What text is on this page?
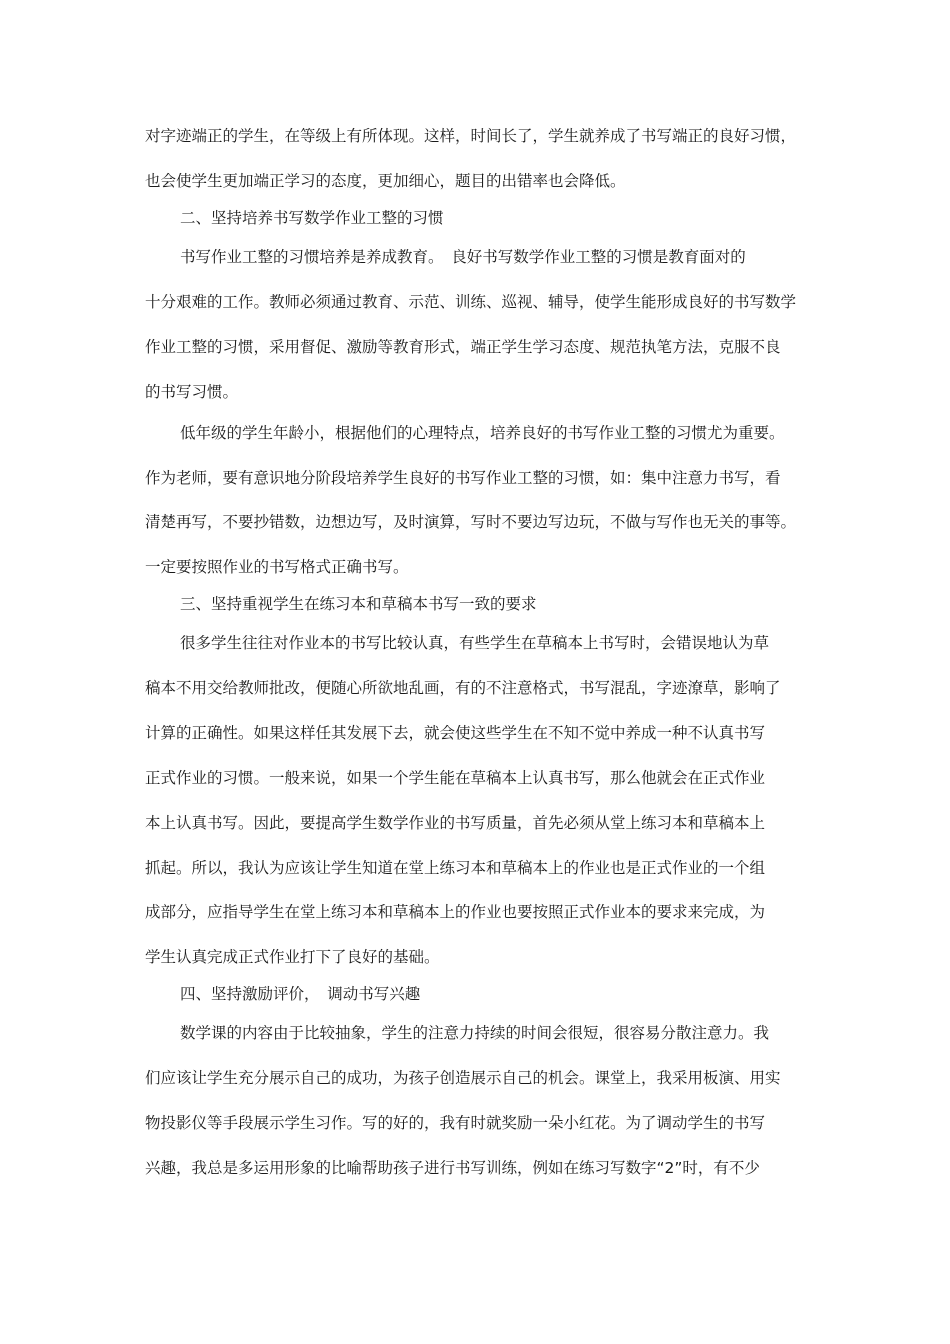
对字迹端正的学生，在等级上有所体现。这样，时间长了，学生就养成了书写端正的良好习惯，
也会使学生更加端正学习的态度，更加细心，题目的出错率也会降低。
二、坚持培养书写数学作业工整的习惯
书写作业工整的习惯培养是养成教育。　良好书写数学作业工整的习惯是教育面对的
十分艰难的工作。教师必须通过教育、示范、训练、巡视、辅导，使学生能形成良好的书写数学
作业工整的习惯，采用督促、激励等教育形式，端正学生学习态度、规范执笔方法，克服不良
的书写习惯。
低年级的学生年龄小，根据他们的心理特点，培养良好的书写作业工整的习惯尤为重要。
作为老师，要有意识地分阶段培养学生良好的书写作业工整的习惯，如：集中注意力书写，看
清楚再写，不要抄错数，边想边写，及时演算，写时不要边写边玩，不做与写作也无关的事等。
一定要按照作业的书写格式正确书写。
三、坚持重视学生在练习本和草稿本书写一致的要求
很多学生往往对作业本的书写比较认真，有些学生在草稿本上书写时，会错误地认为草
稿本不用交给教师批改，便随心所欲地乱画，有的不注意格式，书写混乱，字迹潦草，影响了
计算的正确性。如果这样任其发展下去，就会使这些学生在不知不觉中养成一种不认真书写
正式作业的习惯。一般来说，如果一个学生能在草稿本上认真书写，那么他就会在正式作业
本上认真书写。因此，要提高学生数学作业的书写质量，首先必须从堂上练习本和草稿本上
抓起。所以，我认为应该让学生知道在堂上练习本和草稿本上的作业也是正式作业的一个组
成部分，应指导学生在堂上练习本和草稿本上的作业也要按照正式作业本的要求来完成，为
学生认真完成正式作业打下了良好的基础。
四、坚持激励评价，　调动书写兴趣
数学课的内容由于比较抽象，学生的注意力持续的时间会很短，很容易分散注意力。我
们应该让学生充分展示自己的成功，为孩子创造展示自己的机会。课堂上，我采用板演、用实
物投影仪等手段展示学生习作。写的好的，我有时就奖励一朵小红花。为了调动学生的书写
兴趣，我总是多运用形象的比喻帮助孩子进行书写训练，例如在练习写数字“2”时，有不少
